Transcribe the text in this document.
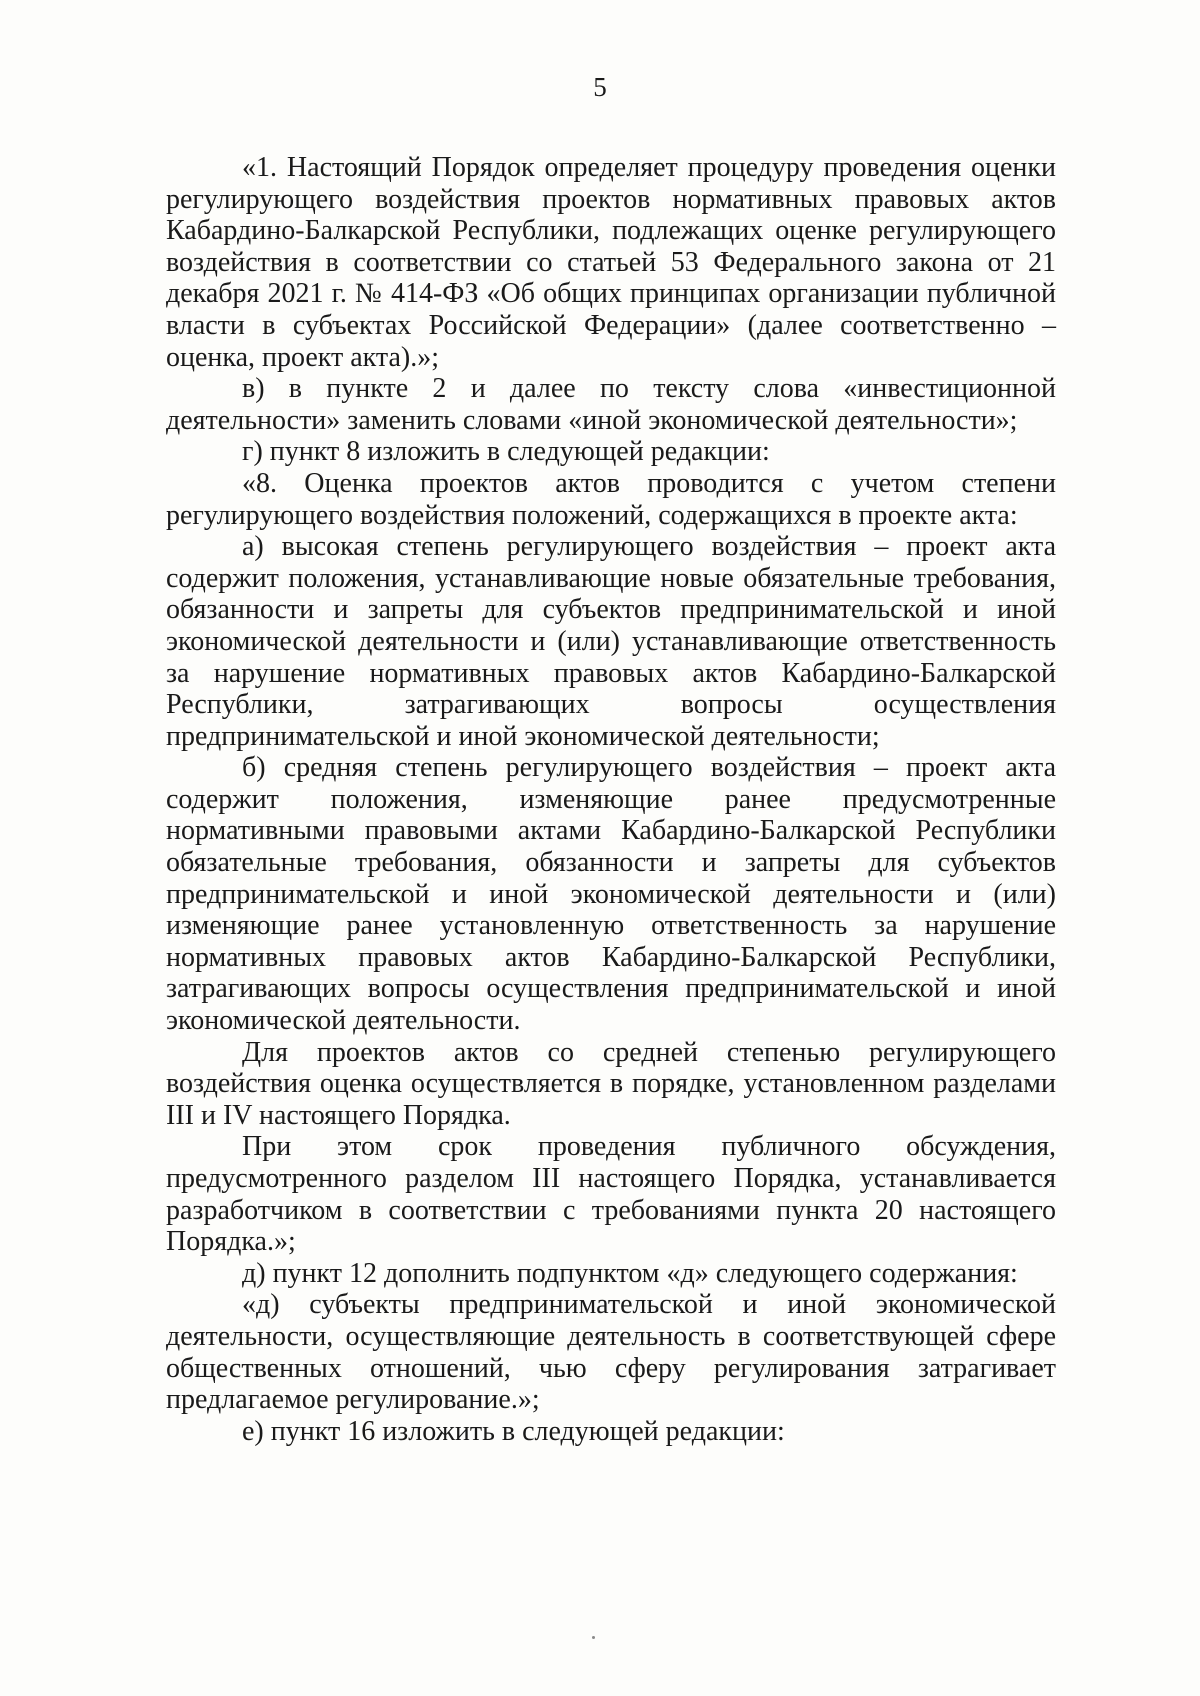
5

«1. Настоящий Порядок определяет процедуру проведения оценки регулирующего воздействия проектов нормативных правовых актов Кабардино-Балкарской Республики, подлежащих оценке регулирующего воздействия в соответствии со статьей 53 Федерального закона от 21 декабря 2021 г. № 414-ФЗ «Об общих принципах организации публичной власти в субъектах Российской Федерации» (далее соответственно – оценка, проект акта).»;

в) в пункте 2 и далее по тексту слова «инвестиционной деятельности» заменить словами «иной экономической деятельности»;

г) пункт 8 изложить в следующей редакции:

«8. Оценка проектов актов проводится с учетом степени регулирующего воздействия положений, содержащихся в проекте акта:

а) высокая степень регулирующего воздействия – проект акта содержит положения, устанавливающие новые обязательные требования, обязанности и запреты для субъектов предпринимательской и иной экономической деятельности и (или) устанавливающие ответственность за нарушение нормативных правовых актов Кабардино-Балкарской Республики, затрагивающих вопросы осуществления предпринимательской и иной экономической деятельности;

б) средняя степень регулирующего воздействия – проект акта содержит положения, изменяющие ранее предусмотренные нормативными правовыми актами Кабардино-Балкарской Республики обязательные требования, обязанности и запреты для субъектов предпринимательской и иной экономической деятельности и (или) изменяющие ранее установленную ответственность за нарушение нормативных правовых актов Кабардино-Балкарской Республики, затрагивающих вопросы осуществления предпринимательской и иной экономической деятельности.

Для проектов актов со средней степенью регулирующего воздействия оценка осуществляется в порядке, установленном разделами III и IV настоящего Порядка.

При этом срок проведения публичного обсуждения, предусмотренного разделом III настоящего Порядка, устанавливается разработчиком в соответствии с требованиями пункта 20 настоящего Порядка.»;

д) пункт 12 дополнить подпунктом «д» следующего содержания:

«д) субъекты предпринимательской и иной экономической деятельности, осуществляющие деятельность в соответствующей сфере общественных отношений, чью сферу регулирования затрагивает предлагаемое регулирование.»;

е) пункт 16 изложить в следующей редакции:
